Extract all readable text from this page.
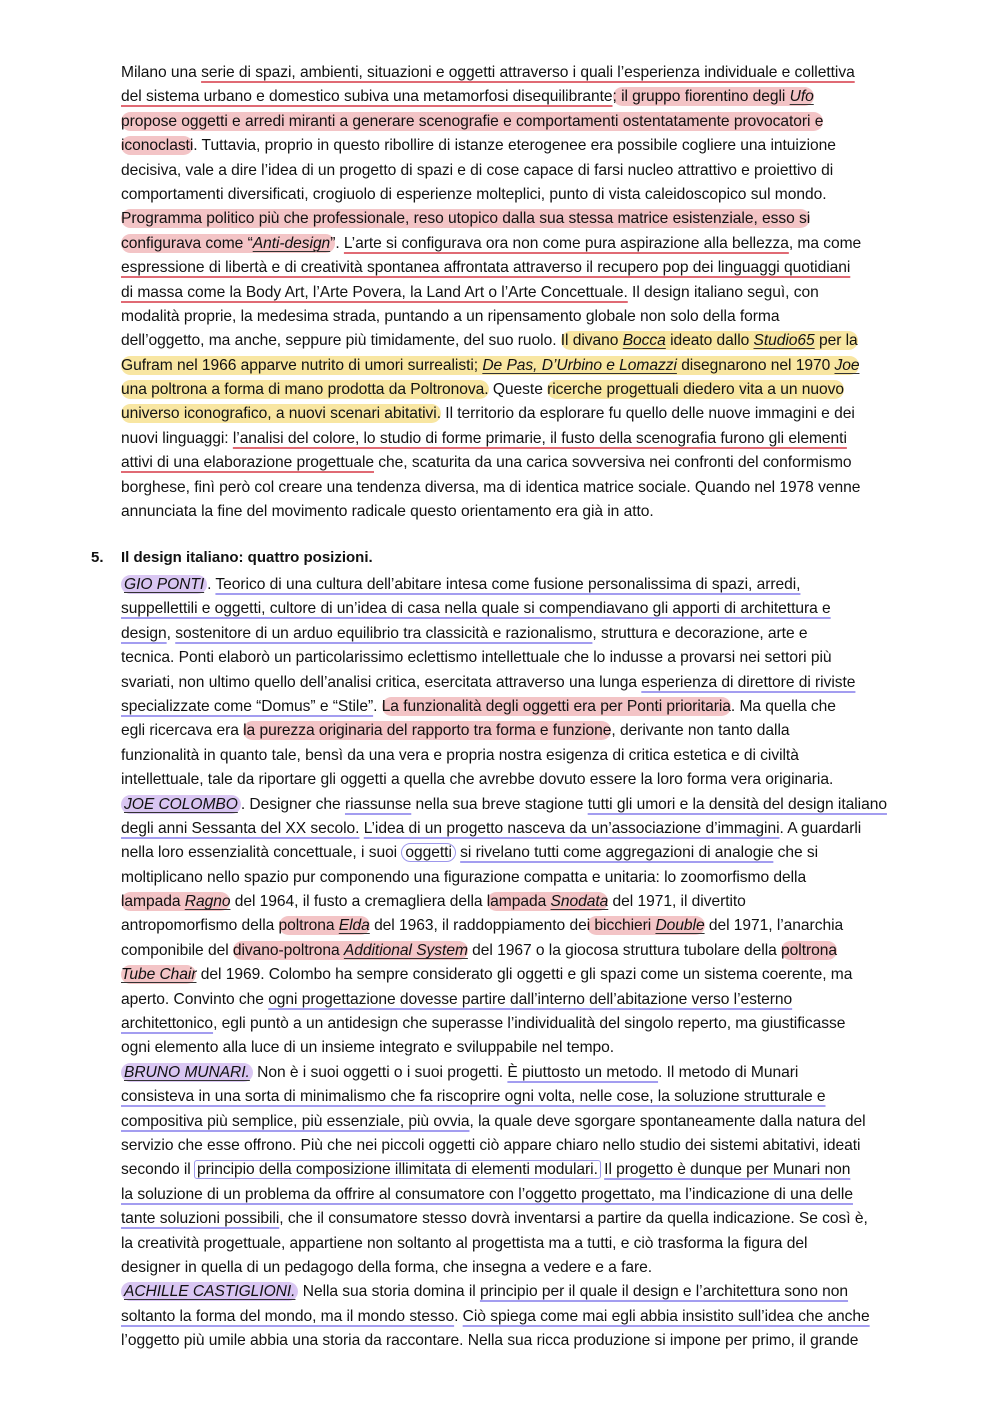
Milano una serie di spazi, ambienti, situazioni e oggetti attraverso i quali l’esperienza individuale e collettiva
del sistema urbano e domestico subiva una metamorfosi disequilibrante; il gruppo fiorentino degli Ufo
propose oggetti e arredi miranti a generare scenografie e comportamenti ostentatamente provocatori e
iconoclasti. Tuttavia, proprio in questo ribollire di istanze eterogenee era possibile cogliere una intuizione
decisiva, vale a dire l’idea di un progetto di spazi e di cose capace di farsi nucleo attrattivo e proiettivo di
comportamenti diversificati, crogiuolo di esperienze molteplici, punto di vista caleidoscopico sul mondo.
Programma politico più che professionale, reso utopico dalla sua stessa matrice esistenziale, esso si
configurava come “Anti-design”. L’arte si configurava ora non come pura aspirazione alla bellezza, ma come
espressione di libertà e di creatività spontanea affrontata attraverso il recupero pop dei linguaggi quotidiani
di massa come la Body Art, l’Arte Povera, la Land Art o l’Arte Concettuale. Il design italiano seguì, con
modalità proprie, la medesima strada, puntando a un ripensamento globale non solo della forma
dell’oggetto, ma anche, seppure più timidamente, del suo ruolo. Il divano Bocca ideato dallo Studio65 per la
Gufram nel 1966 apparve nutrito di umori surrealisti; De Pas, D’Urbino e Lomazzi disegnarono nel 1970 Joe
una poltrona a forma di mano prodotta da Poltronova. Queste ricerche progettuali diedero vita a un nuovo
universo iconografico, a nuovi scenari abitativi. Il territorio da esplorare fu quello delle nuove immagini e dei
nuovi linguaggi: l’analisi del colore, lo studio di forme primarie, il fusto della scenografia furono gli elementi
attivi di una elaborazione progettuale che, scaturita da una carica sovversiva nei confronti del conformismo
borghese, finì però col creare una tendenza diversa, ma di identica matrice sociale. Quando nel 1978 venne
annunciata la fine del movimento radicale questo orientamento era già in atto.
5. Il design italiano: quattro posizioni.
GIO PONTI . Teorico di una cultura dell’abitare intesa come fusione personalissima di spazi, arredi,
suppellettili e oggetti, cultore di un’idea di casa nella quale si compendiavano gli apporti di architettura e
design, sostenitore di un arduo equilibrio tra classicità e razionalismo, struttura e decorazione, arte e
tecnica. Ponti elaborò un particolarissimo eclettismo intellettuale che lo indusse a provarsi nei settori più
svariati, non ultimo quello dell’analisi critica, esercitata attraverso una lunga esperienza di direttore di riviste
specializzate come “Domus” e “Stile”. La funzionalità degli oggetti era per Ponti prioritaria. Ma quella che
egli ricercava era la purezza originaria del rapporto tra forma e funzione, derivante non tanto dalla
funzionalità in quanto tale, bensì da una vera e propria nostra esigenza di critica estetica e di civiltà
intellettuale, tale da riportare gli oggetti a quella che avrebbe dovuto essere la loro forma vera originaria.
JOE COLOMBO . Designer che riassunse nella sua breve stagione tutti gli umori e la densità del design italiano
degli anni Sessanta del XX secolo. L’idea di un progetto nasceva da un’associazione d’immagini. A guardarli
nella loro essenzialità concettuale, i suoi oggetti si rivelano tutti come aggregazioni di analogie che si
moltiplicano nello spazio pur componendo una figurazione compatta e unitaria: lo zoomorfismo della
lampada Ragno del 1964, il fusto a cremagliera della lampada Snodata del 1971, il divertito
antropomorfismo della poltrona Elda del 1963, il raddoppiamento dei bicchieri Double del 1971, l’anarchia
componibile del divano-poltrona Additional System del 1967 o la giocosa struttura tubolare della poltrona
Tube Chair del 1969. Colombo ha sempre considerato gli oggetti e gli spazi come un sistema coerente, ma
aperto. Convinto che ogni progettazione dovesse partire dall’interno dell’abitazione verso l’esterno
architettonico, egli puntò a un antidesign che superasse l’individualità del singolo reperto, ma giustificasse
ogni elemento alla luce di un insieme integrato e sviluppabile nel tempo.
BRUNO MUNARI. Non è i suoi oggetti o i suoi progetti. È piuttosto un metodo. Il metodo di Munari
consisteva in una sorta di minimalismo che fa riscoprire ogni volta, nelle cose, la soluzione strutturale e
compositiva più semplice, più essenziale, più ovvia, la quale deve sgorgare spontaneamente dalla natura del
servizio che esse offrono. Più che nei piccoli oggetti ciò appare chiaro nello studio dei sistemi abitativi, ideati
secondo il principio della composizione illimitata di elementi modulari. Il progetto è dunque per Munari non
la soluzione di un problema da offrire al consumatore con l’oggetto progettato, ma l’indicazione di una delle
tante soluzioni possibili, che il consumatore stesso dovrà inventarsi a partire da quella indicazione. Se così è,
la creatività progettuale, appartiene non soltanto al progettista ma a tutti, e ciò trasforma la figura del
designer in quella di un pedagogo della forma, che insegna a vedere e a fare.
ACHILLE CASTIGLIONI. Nella sua storia domina il principio per il quale il design e l’architettura sono non
soltanto la forma del mondo, ma il mondo stesso. Ciò spiega come mai egli abbia insistito sull’idea che anche
l’oggetto più umile abbia una storia da raccontare. Nella sua ricca produzione si impone per primo, il grande
